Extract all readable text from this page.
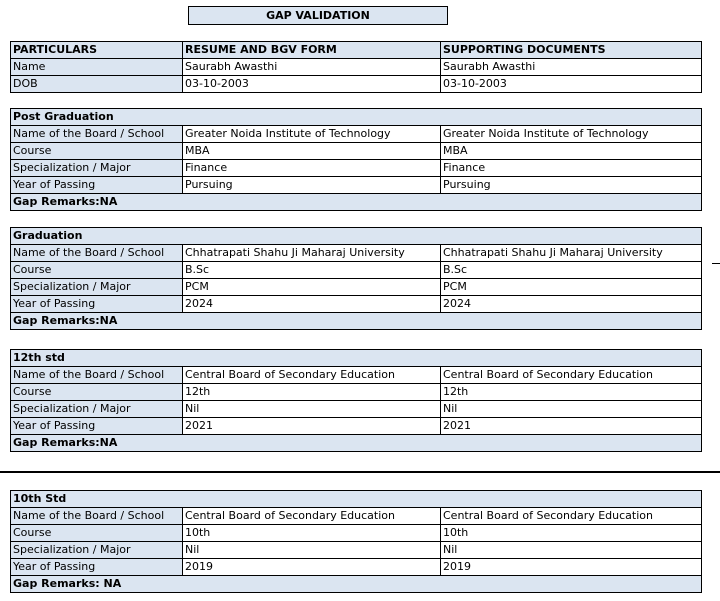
GAP VALIDATION
PARTICULARS	RESUME AND BGV FORM	SUPPORTING DOCUMENTS
Name	Saurabh Awasthi	Saurabh Awasthi
DOB	03-10-2003	03-10-2003
Post Graduation		
Name of the Board / School	Greater Noida Institute of Technology	Greater Noida Institute of Technology
Course	MBA	MBA
Specialization / Major	Finance	Finance
Year of Passing	Pursuing	Pursuing
Gap Remarks:NA		
Graduation		
Name of the Board / School	Chhatrapati Shahu Ji Maharaj University	Chhatrapati Shahu Ji Maharaj University
Course	B.Sc	B.Sc
Specialization / Major	PCM	PCM
Year of Passing	2024	2024
Gap Remarks:NA		
12th std		
Name of the Board / School	Central Board of Secondary Education	Central Board of Secondary Education
Course	12th	12th
Specialization / Major	Nil	Nil
Year of Passing	2021	2021
Gap Remarks:NA		
10th Std		
Name of the Board / School	Central Board of Secondary Education	Central Board of Secondary Education
Course	10th	10th
Specialization / Major	Nil	Nil
Year of Passing	2019	2019
Gap Remarks: NA		
